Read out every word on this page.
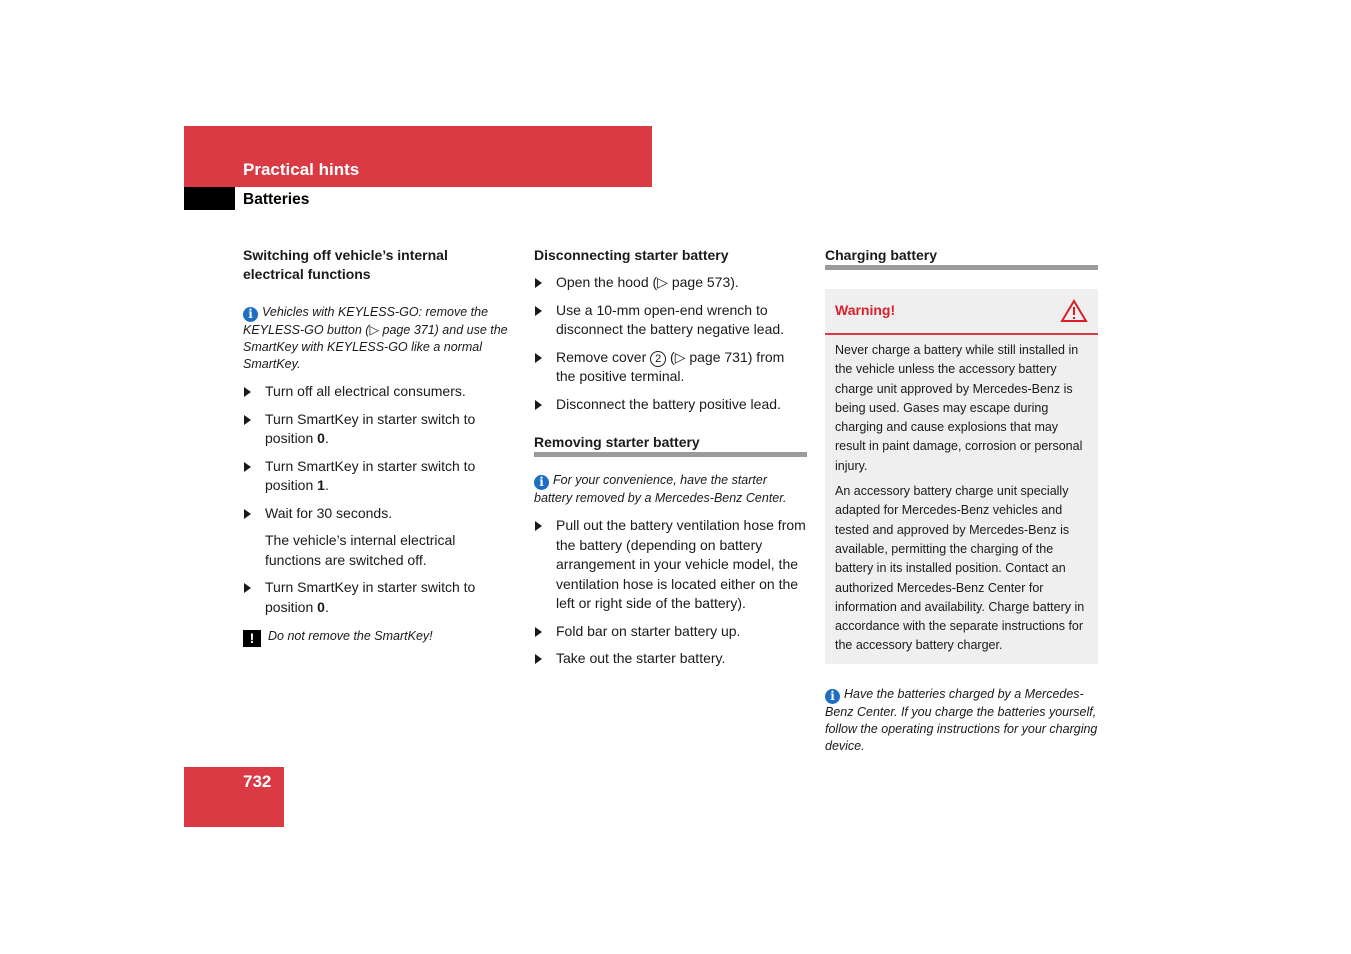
Practical hints
Batteries

Switching off vehicle’s internal
electrical functions

i Vehicles with KEYLESS-GO: remove the KEYLESS-GO button (▷ page 371) and use the SmartKey with KEYLESS-GO like a normal SmartKey.

Turn off all electrical consumers.

Turn SmartKey in starter switch to position 0.

Turn SmartKey in starter switch to position 1.

Wait for 30 seconds.

The vehicle’s internal electrical functions are switched off.

Turn SmartKey in starter switch to position 0.

! Do not remove the SmartKey!

Disconnecting starter battery

Open the hood (▷ page 573).

Use a 10-mm open-end wrench to disconnect the battery negative lead.

Remove cover 2 (▷ page 731) from the positive terminal.

Disconnect the battery positive lead.

Removing starter battery

i For your convenience, have the starter battery removed by a Mercedes-Benz Center.

Pull out the battery ventilation hose from the battery (depending on battery arrangement in your vehicle model, the ventilation hose is located either on the left or right side of the battery).

Fold bar on starter battery up.

Take out the starter battery.

Charging battery

Warning!

Never charge a battery while still installed in the vehicle unless the accessory battery charge unit approved by Mercedes-Benz is being used. Gases may escape during charging and cause explosions that may result in paint damage, corrosion or personal injury.

An accessory battery charge unit specially adapted for Mercedes-Benz vehicles and tested and approved by Mercedes-Benz is available, permitting the charging of the battery in its installed position. Contact an authorized Mercedes-Benz Center for information and availability. Charge battery in accordance with the separate instructions for the accessory battery charger.

i Have the batteries charged by a Mercedes-Benz Center. If you charge the batteries yourself, follow the operating instructions for your charging device.

732
